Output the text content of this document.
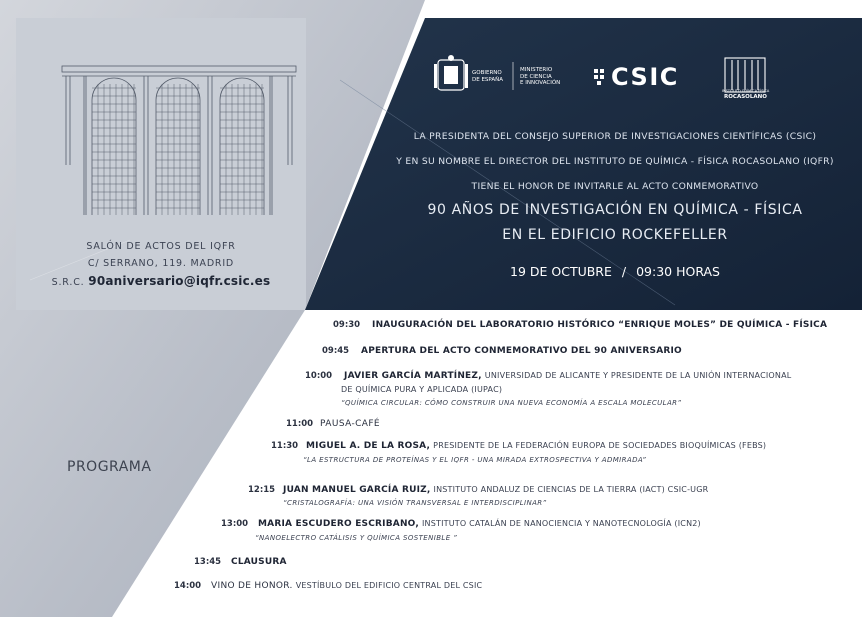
GOBIERNO
DE ESPAÑA
MINISTERIO
DE CIENCIA
E INNOVACIÓN CSIC	INSTITUTO QUÍMICA FÍSICA
ROCASOLANO
SALÓN DE ACTOS DEL IQFR
C/ SERRANO, 119. MADRID
S.R.C. 90aniversario@iqfr.csic.es
LA PRESIDENTA DEL CONSEJO SUPERIOR DE INVESTIGACIONES CIENTÍFICAS (CSIC)
Y EN SU NOMBRE EL DIRECTOR DEL INSTITUTO DE QUÍMICA - FÍSICA ROCASOLANO (IQFR)
TIENE EL HONOR DE INVITARLE AL ACTO CONMEMORATIVO
90 AÑOS DE INVESTIGACIÓN EN QUÍMICA - FÍSICA
EN EL EDIFICIO ROCKEFELLER
19 DE OCTUBRE / 09:30 HORAS
PROGRAMA
09:30 INAUGURACIÓN DEL LABORATORIO HISTÓRICO “ENRIQUE MOLES” DE QUÍMICA - FÍSICA
09:45 APERTURA DEL ACTO CONMEMORATIVO DEL 90 ANIVERSARIO
10:00 JAVIER GARCÍA MARTÍNEZ, UNIVERSIDAD DE ALICANTE Y PRESIDENTE DE LA UNIÓN INTERNACIONAL
DE QUÍMICA PURA Y APLICADA (IUPAC)
“QUÍMICA CIRCULAR: CÓMO CONSTRUIR UNA NUEVA ECONOMÍA A ESCALA MOLECULAR”
11:00 PAUSA-CAFÉ
11:30 MIGUEL A. DE LA ROSA, PRESIDENTE DE LA FEDERACIÓN EUROPA DE SOCIEDADES BIOQUÍMICAS (FEBS)
“LA ESTRUCTURA DE PROTEÍNAS Y EL IQFR - UNA MIRADA EXTROSPECTIVA Y ADMIRADA”
12:15 JUAN MANUEL GARCÍA RUIZ, INSTITUTO ANDALUZ DE CIENCIAS DE LA TIERRA (IACT) CSIC-UGR
“CRISTALOGRAFÍA: UNA VISIÓN TRANSVERSAL E INTERDISCIPLINAR”
13:00 MARIA ESCUDERO ESCRIBANO, INSTITUTO CATALÁN DE NANOCIENCIA Y NANOTECNOLOGÍA (ICN2)
“NANOELECTRO CATÁLISIS Y QUÍMICA SOSTENIBLE ”
13:45 CLAUSURA
14:00 VINO DE HONOR. VESTÍBULO DEL EDIFICIO CENTRAL DEL CSIC
